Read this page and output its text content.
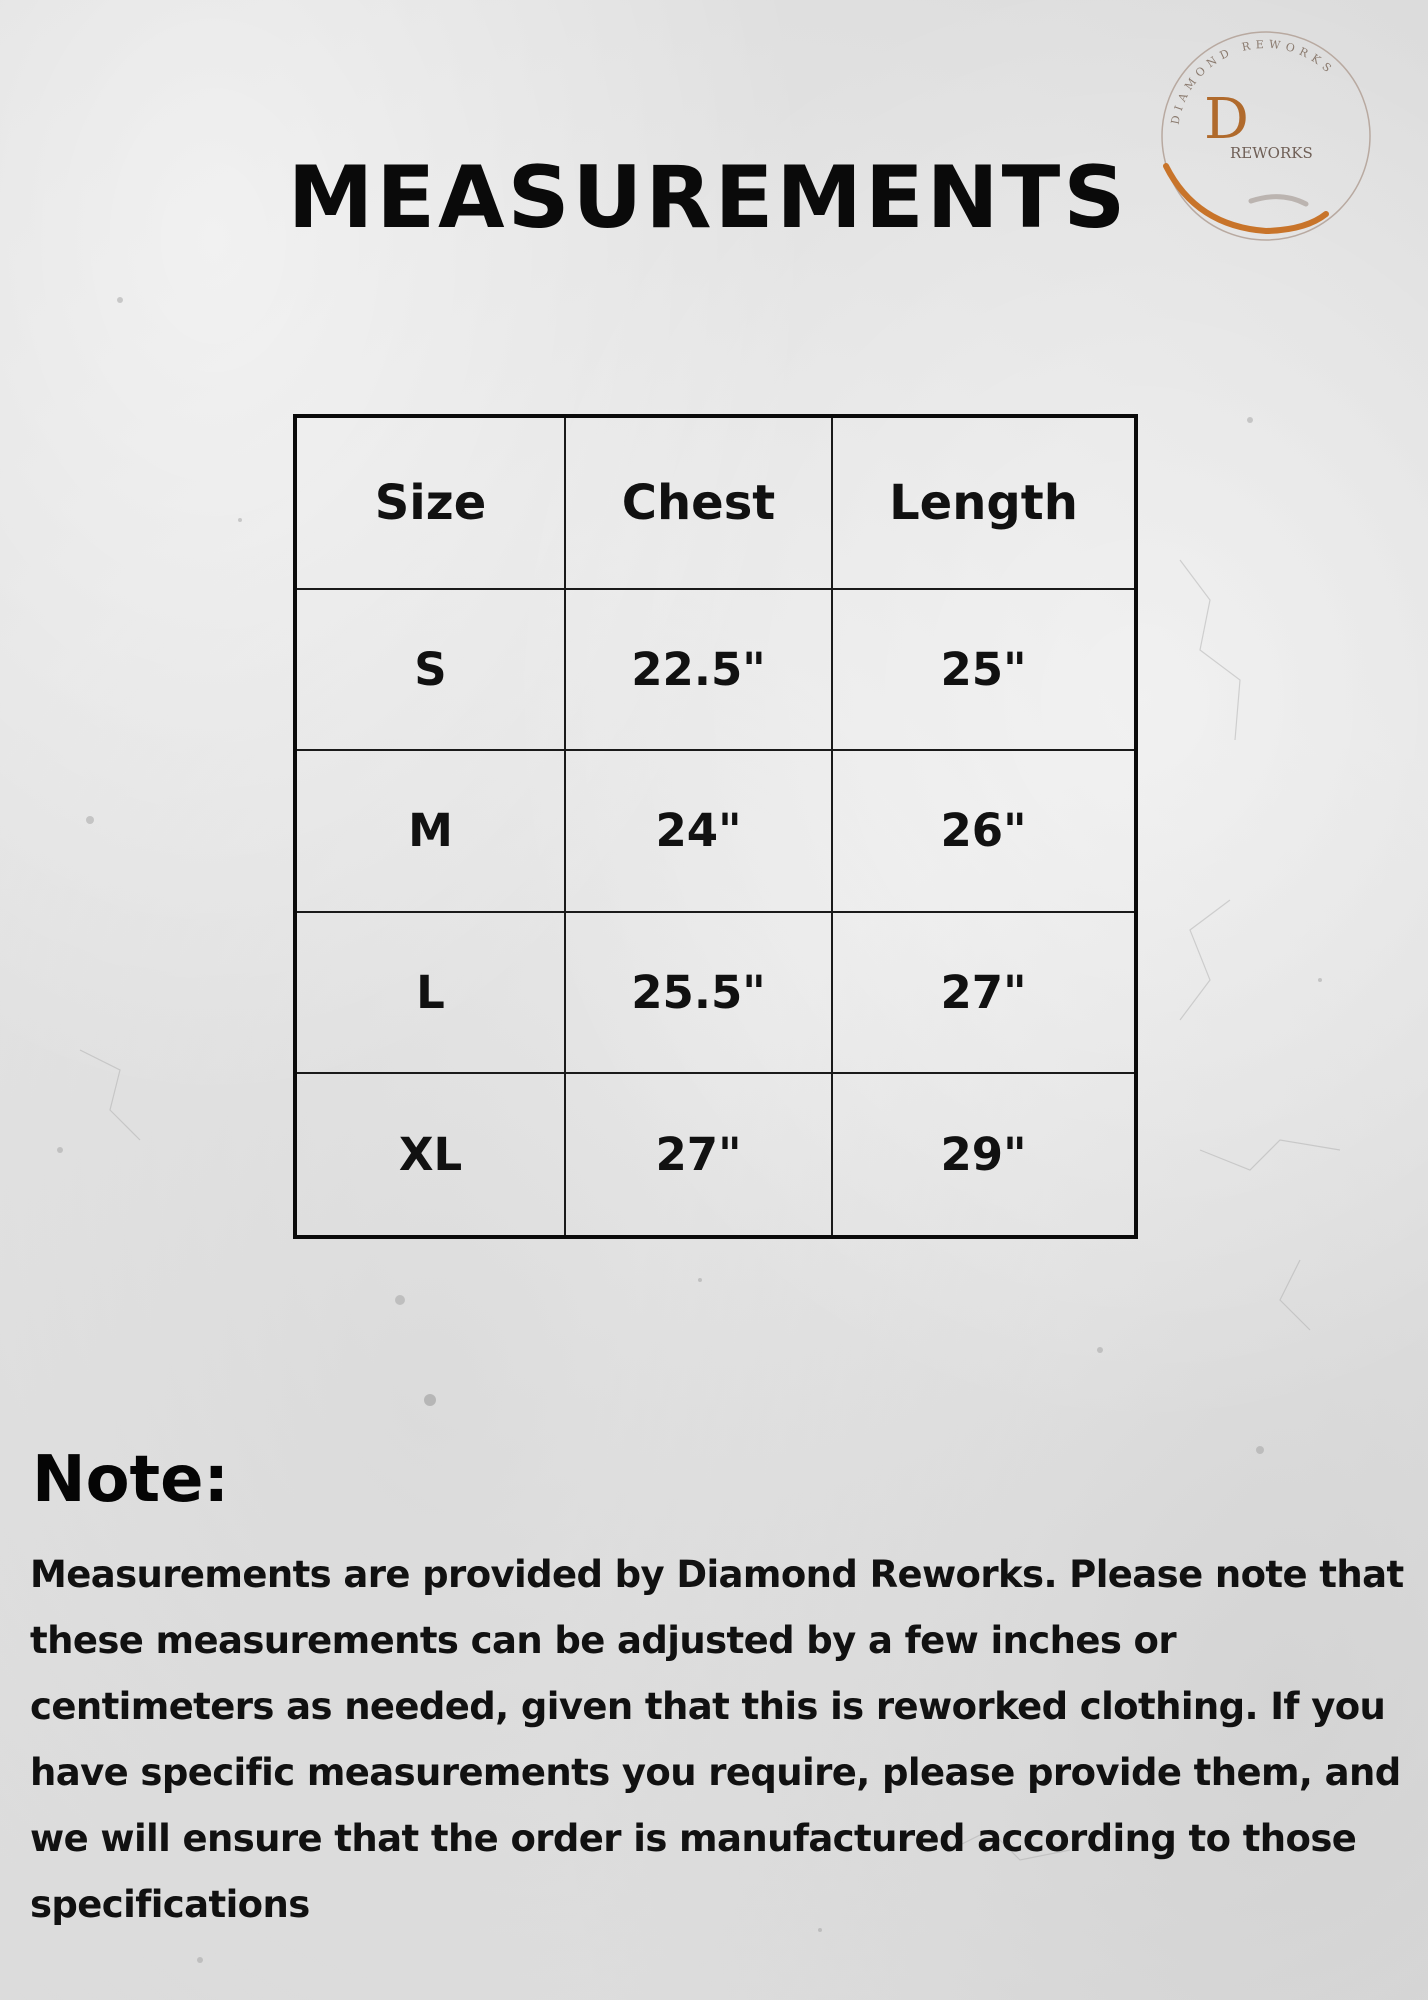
MEASUREMENTS
DIAMOND REWORKS
D
REWORKS
Size	Chest	Length
S	22.5"	25"
M	24"	26"
L	25.5"	27"
XL	27"	29"
Note:

Measurements are provided by Diamond Reworks. Please note that these measurements can be adjusted by a few inches or centimeters as needed, given that this is reworked clothing. If you have specific measurements you require, please provide them, and we will ensure that the order is manufactured according to those specifications
